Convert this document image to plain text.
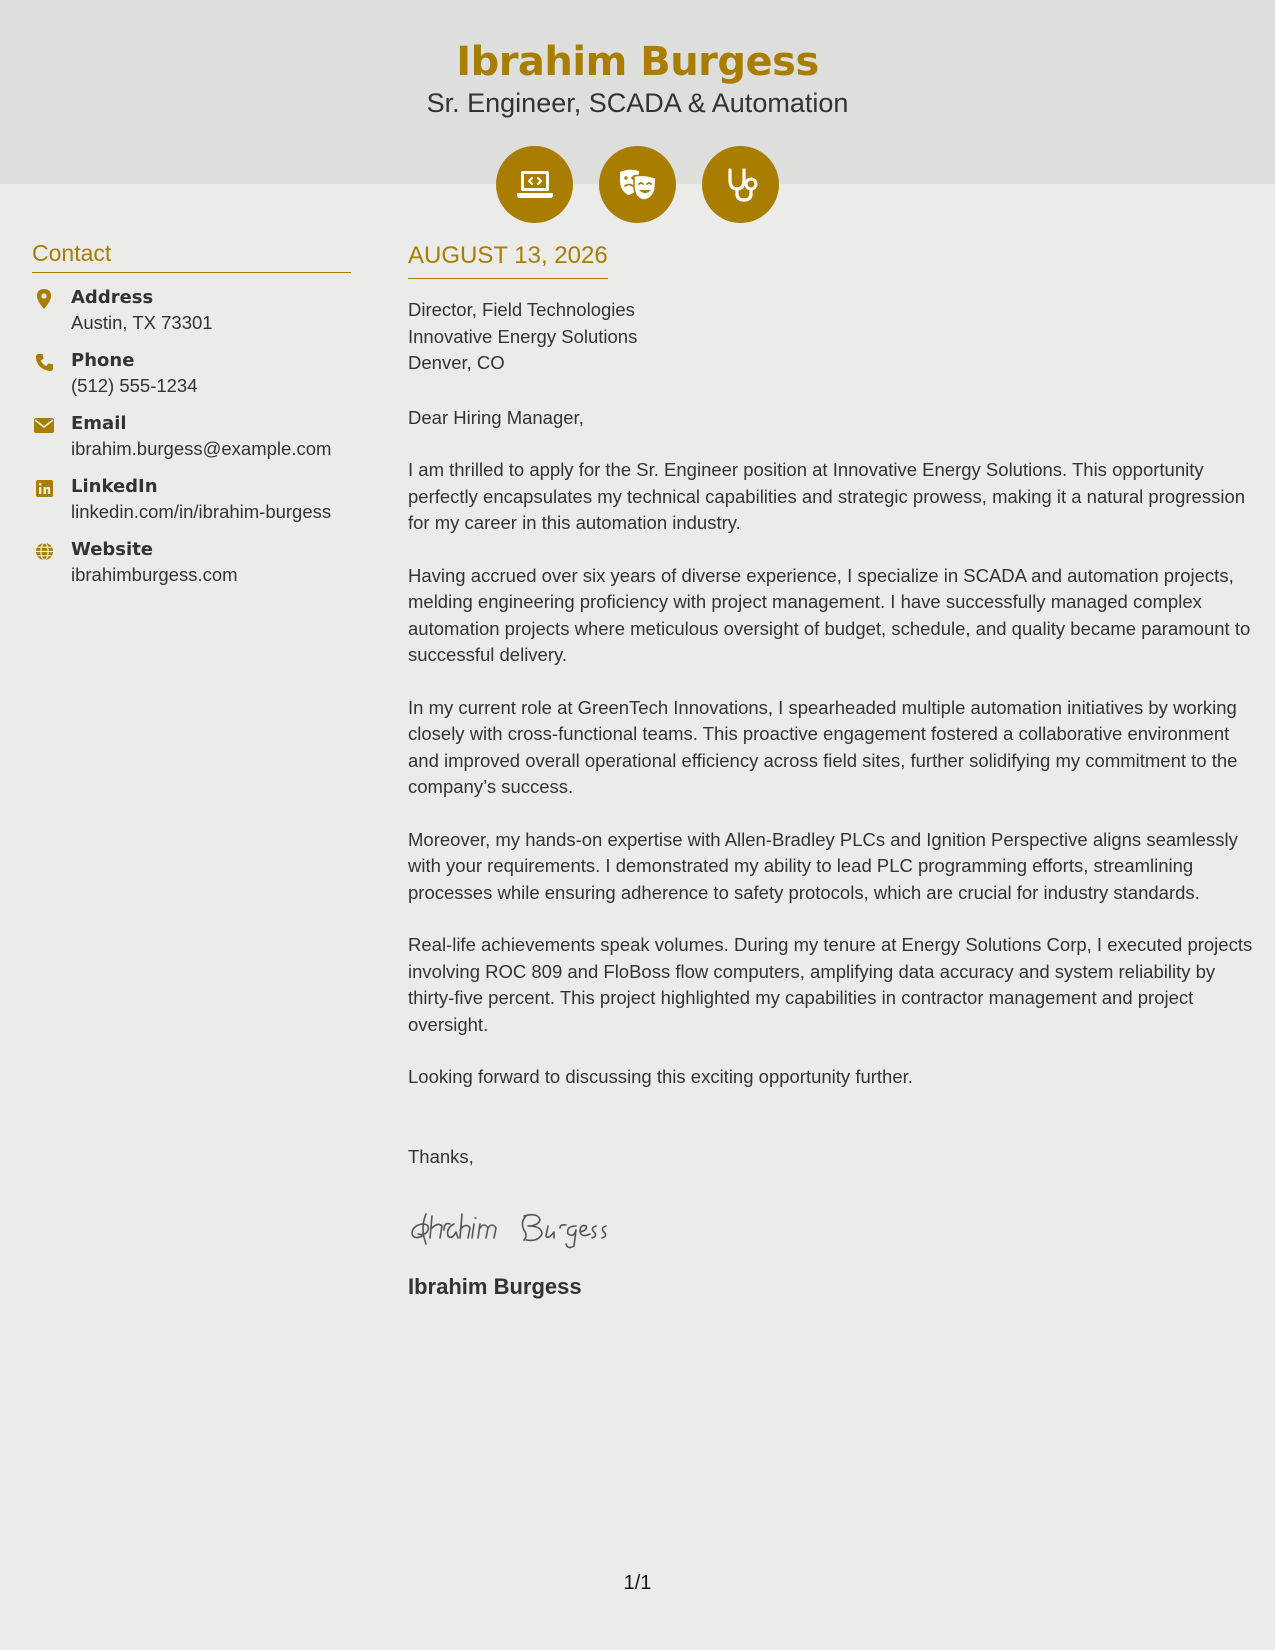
Ibrahim Burgess
Sr. Engineer, SCADA & Automation
Contact
Address
Austin, TX 73301
Phone
(512) 555-1234
Email
ibrahim.burgess@example.com
LinkedIn
linkedin.com/in/ibrahim-burgess
Website
ibrahimburgess.com
AUGUST 13, 2026
Director, Field Technologies
Innovative Energy Solutions
Denver, CO
Dear Hiring Manager,

I am thrilled to apply for the Sr. Engineer position at Innovative Energy Solutions. This opportunity perfectly encapsulates my technical capabilities and strategic prowess, making it a natural progression for my career in this automation industry.

Having accrued over six years of diverse experience, I specialize in SCADA and automation projects, melding engineering proficiency with project management. I have successfully managed complex automation projects where meticulous oversight of budget, schedule, and quality became paramount to successful delivery.

In my current role at GreenTech Innovations, I spearheaded multiple automation initiatives by working closely with cross-functional teams. This proactive engagement fostered a collaborative environment and improved overall operational efficiency across field sites, further solidifying my commitment to the company’s success.

Moreover, my hands-on expertise with Allen-Bradley PLCs and Ignition Perspective aligns seamlessly with your requirements. I demonstrated my ability to lead PLC programming efforts, streamlining processes while ensuring adherence to safety protocols, which are crucial for industry standards.

Real-life achievements speak volumes. During my tenure at Energy Solutions Corp, I executed projects involving ROC 809 and FloBoss flow computers, amplifying data accuracy and system reliability by thirty-five percent. This project highlighted my capabilities in contractor management and project oversight.

Looking forward to discussing this exciting opportunity further.

Thanks,
Ibrahim Burgess
1/1
